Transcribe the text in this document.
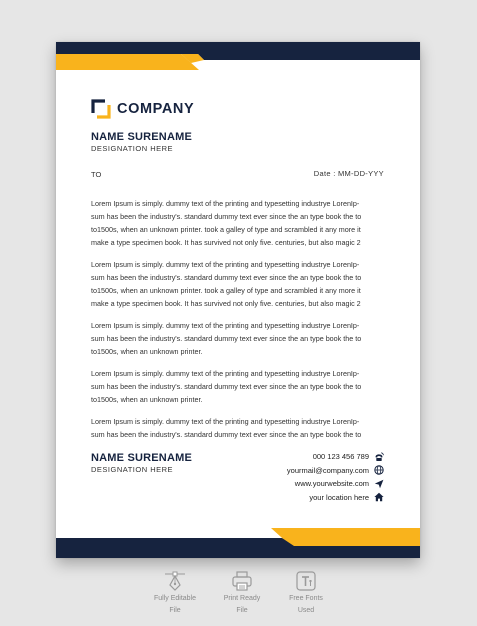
COMPANY
NAME SURENAME
DESIGNATION HERE
TO	Date : MM-DD-YYY
Lorem Ipsum is simply. dummy text of the printing and typesetting industrye LorenIp-
sum has been the industry's. standard dummy text ever since the an type book the to
to1500s, when an unknown printer. took a galley of type and scrambled it any more it
make a type specimen book. It has survived not only five. centuries, but also magic 2
Lorem Ipsum is simply. dummy text of the printing and typesetting industrye LorenIp-
sum has been the industry's. standard dummy text ever since the an type book the to
to1500s, when an unknown printer. took a galley of type and scrambled it any more it
make a type specimen book. It has survived not only five. centuries, but also magic 2
Lorem Ipsum is simply. dummy text of the printing and typesetting industrye LorenIp-
sum has been the industry's. standard dummy text ever since the an type book the to
to1500s, when an unknown printer.
Lorem Ipsum is simply. dummy text of the printing and typesetting industrye LorenIp-
sum has been the industry's. standard dummy text ever since the an type book the to
to1500s, when an unknown printer.
Lorem Ipsum is simply. dummy text of the printing and typesetting industrye LorenIp-
sum has been the industry's. standard dummy text ever since the an type book the to
NAME SURENAME
DESIGNATION HERE
000 123 456 789
yourmail@company.com
www.yourwebsite.com
your location here
Fully Editable
File
Print Ready
File
Free Fonts
Used
